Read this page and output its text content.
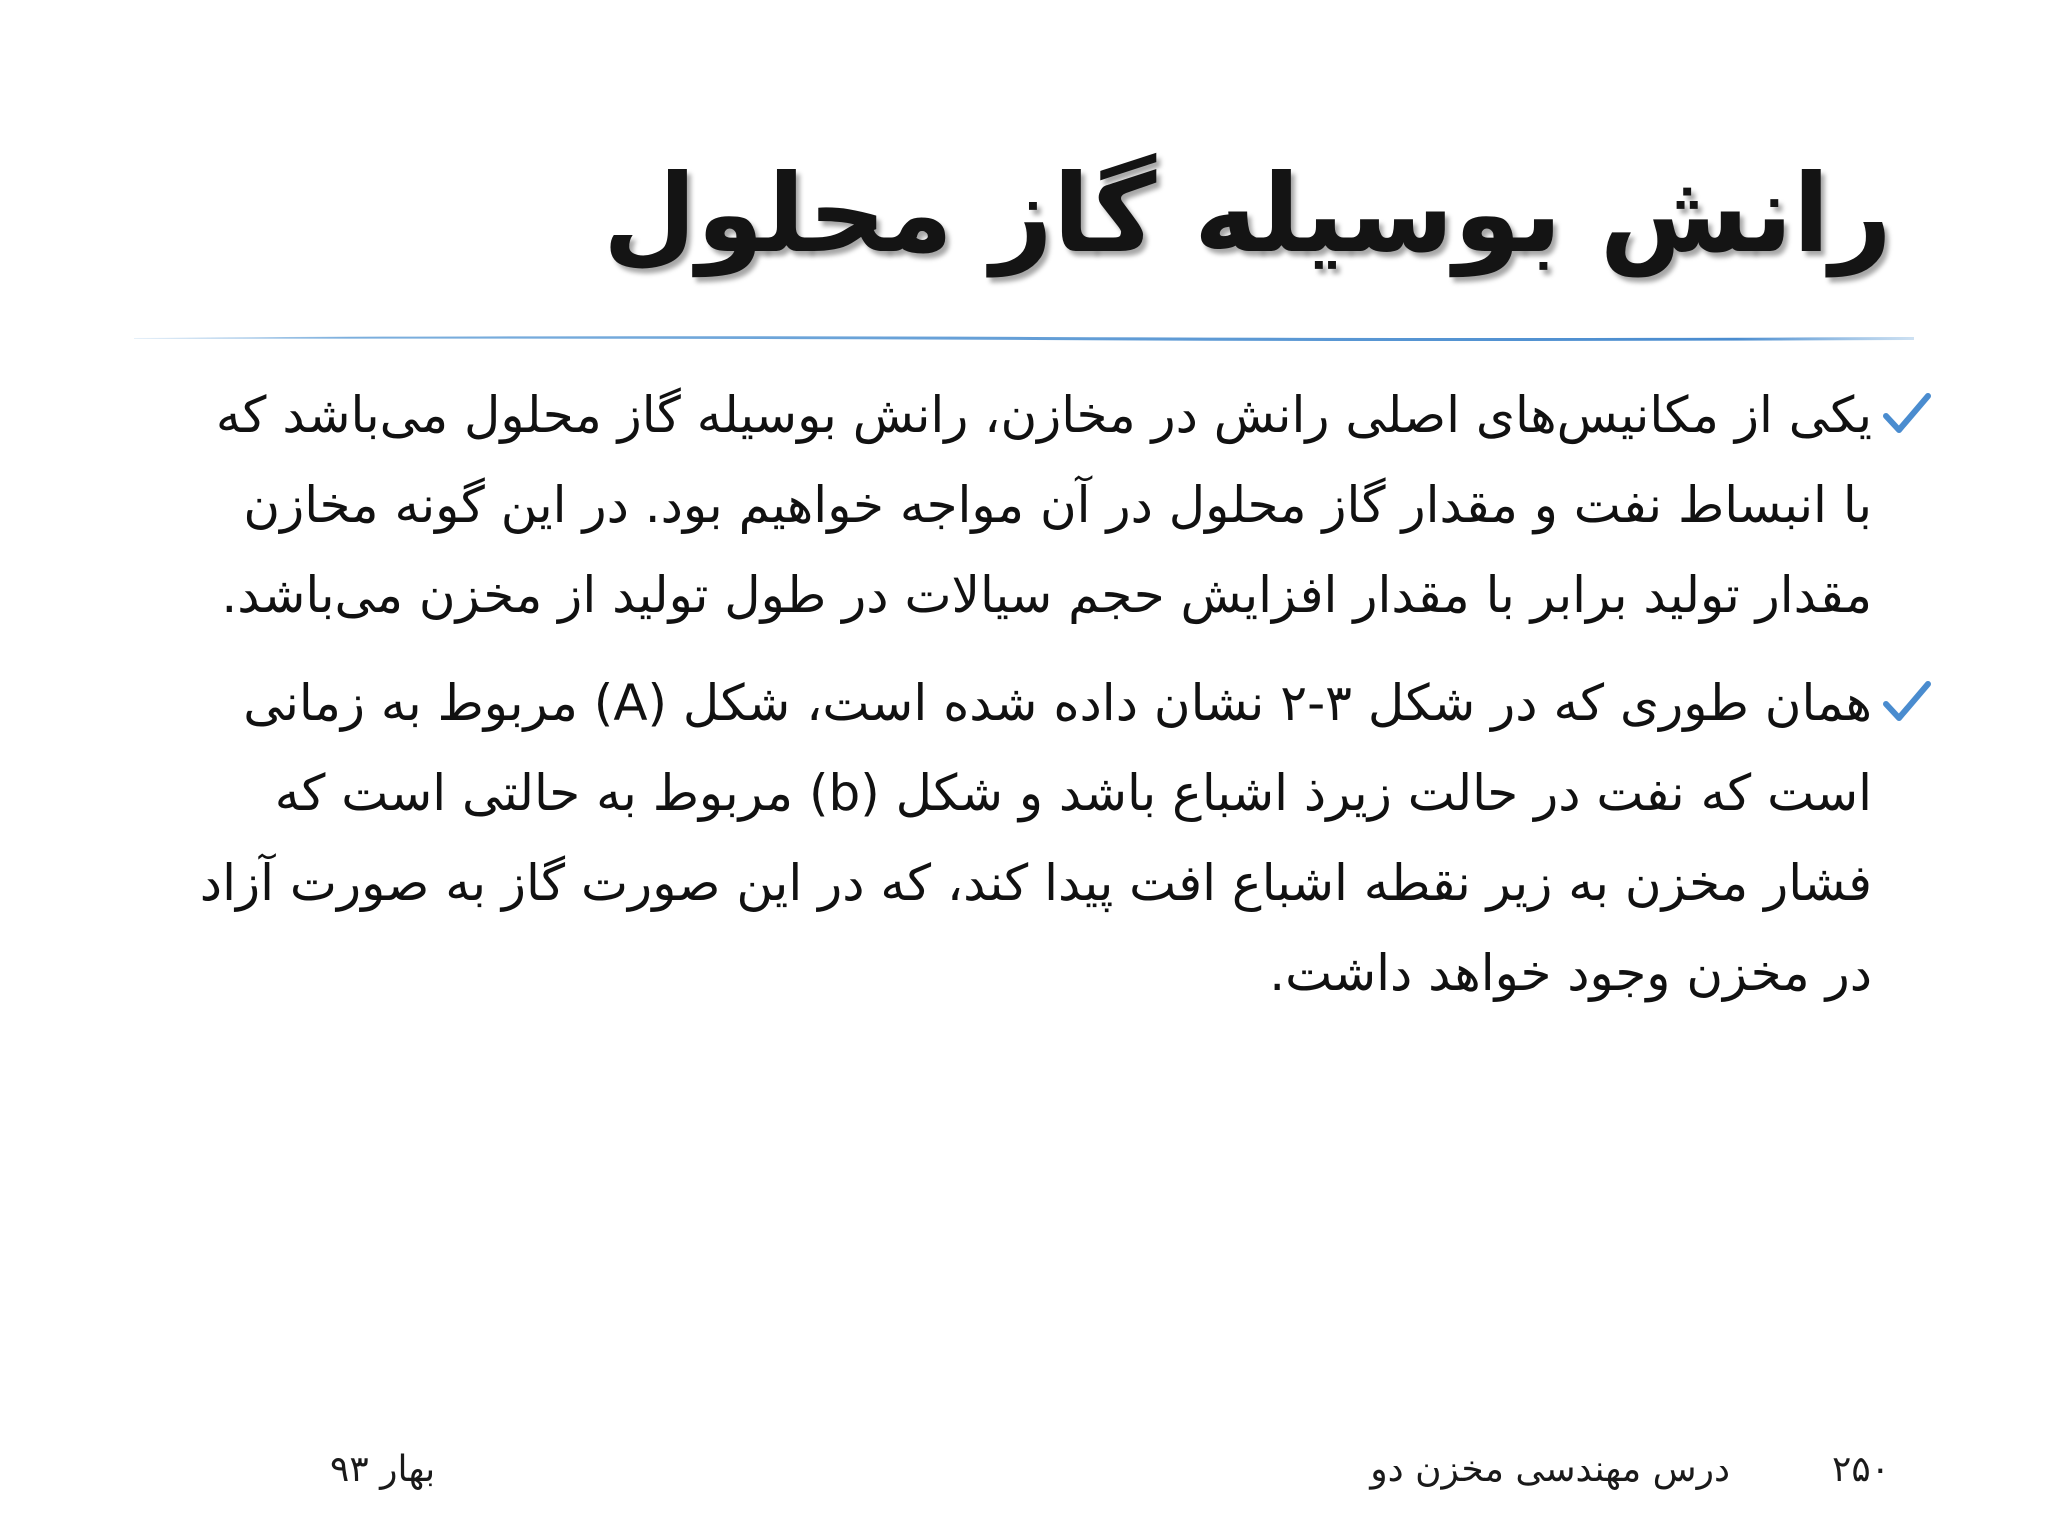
رانش بوسیله گاز محلول
یکی از مکانیس‌های اصلی رانش در مخازن، رانش بوسیله گاز محلول می‌باشد که با انبساط نفت و مقدار گاز محلول در آن مواجه خواهیم بود. در این گونه مخازن مقدار تولید برابر با مقدار افزایش حجم سیالات در طول تولید از مخزن می‌باشد.
همان طوری که در شکل ۳-۲ نشان داده شده است، شکل (A) مربوط به زمانی است که نفت در حالت زیرذ اشباع باشد و شکل (b) مربوط به حالتی است که فشار مخزن به زیر نقطه اشباع افت پیدا کند، که در این صورت گاز به صورت آزاد در مخزن وجود خواهد داشت.
۲۵۰
درس مهندسی مخزن دو
بهار ۹۳
